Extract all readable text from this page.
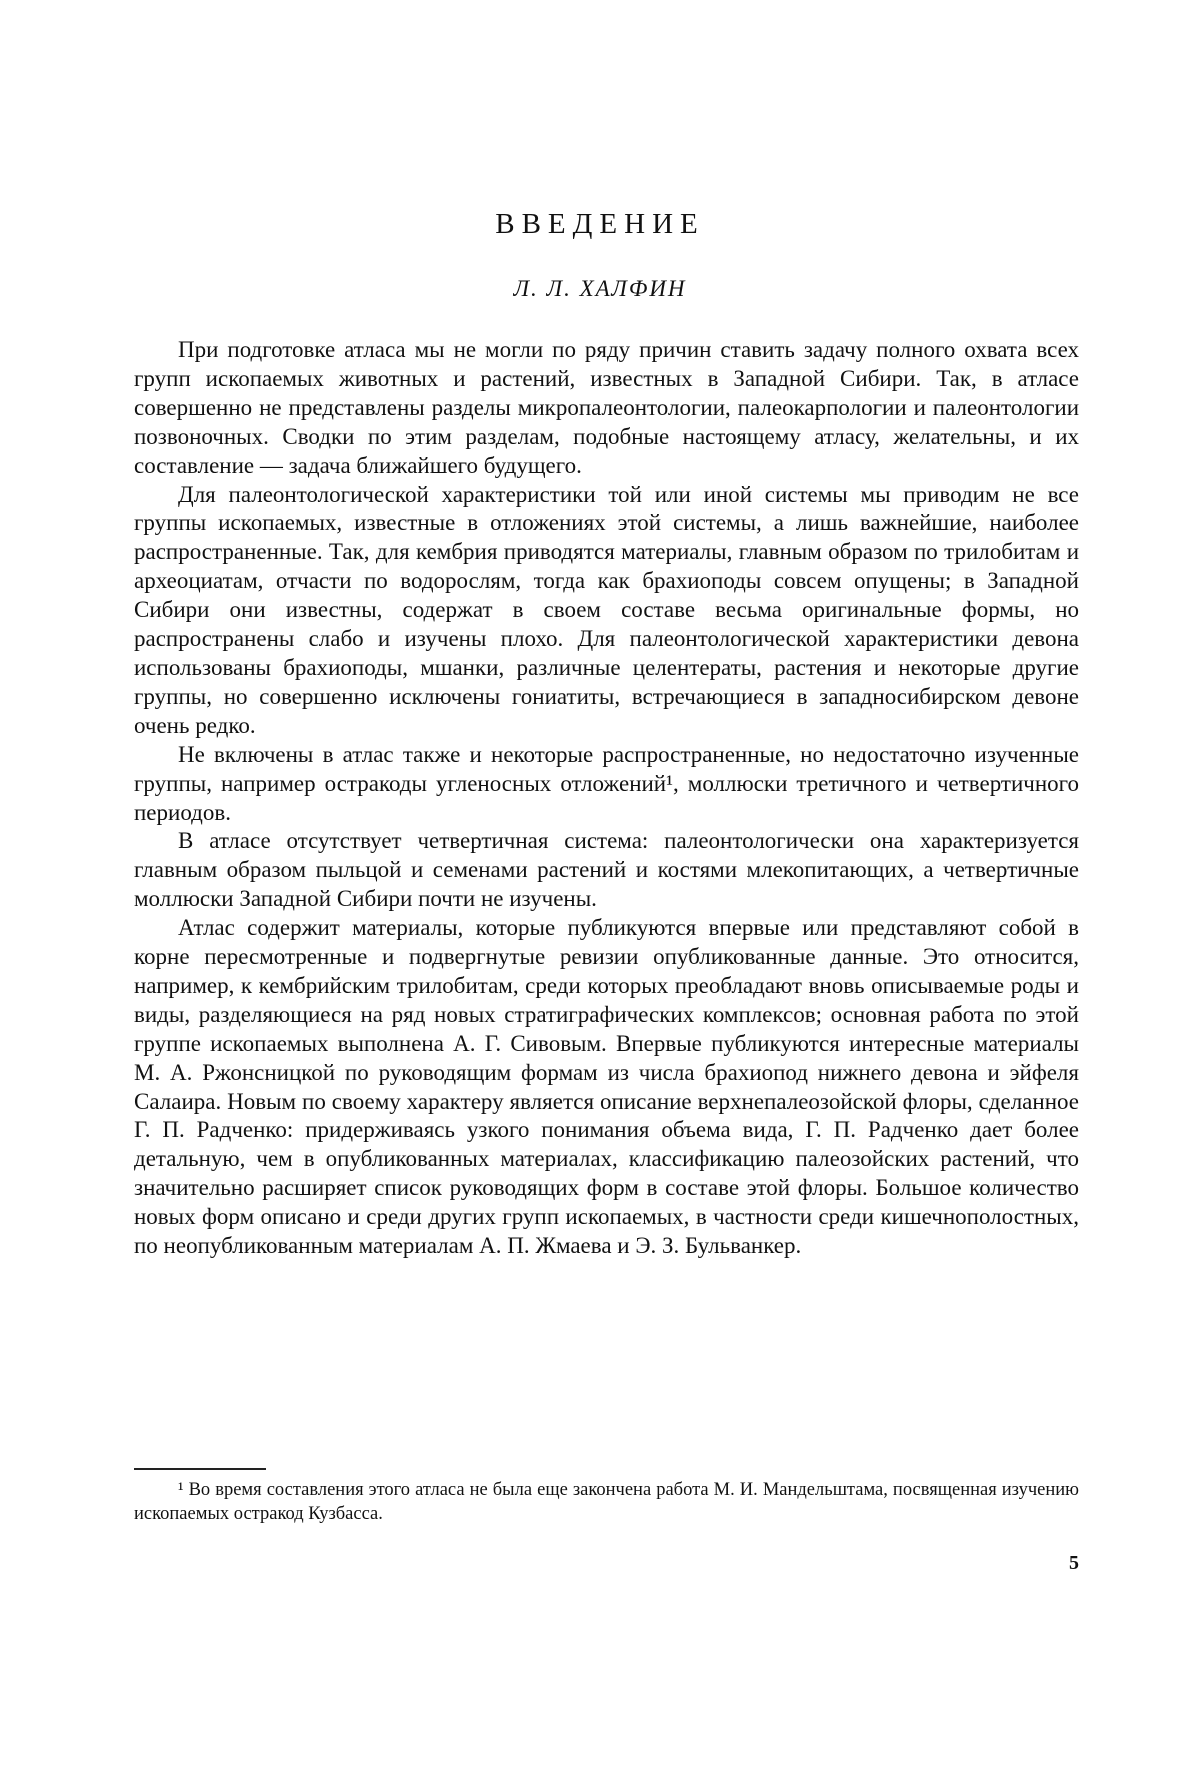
ВВЕДЕНИЕ
Л. Л. ХАЛФИН

При подготовке атласа мы не могли по ряду причин ставить задачу полного охвата всех групп ископаемых животных и растений, известных в Западной Сибири. Так, в атласе совершенно не представлены разделы микропалеонтологии, палеокарпологии и палеонтологии позвоночных. Сводки по этим разделам, подобные настоящему атласу, желательны, и их составление — задача ближайшего будущего.

Для палеонтологической характеристики той или иной системы мы приводим не все группы ископаемых, известные в отложениях этой системы, а лишь важнейшие, наиболее распространенные. Так, для кембрия приводятся материалы, главным образом по трилобитам и археоциатам, отчасти по водорослям, тогда как брахиоподы совсем опущены; в Западной Сибири они известны, содержат в своем составе весьма оригинальные формы, но распространены слабо и изучены плохо. Для палеонтологической характеристики девона использованы брахиоподы, мшанки, различные целентераты, растения и некоторые другие группы, но совершенно исключены гониатиты, встречающиеся в западносибирском девоне очень редко.

Не включены в атлас также и некоторые распространенные, но недостаточно изученные группы, например остракоды угленосных отложений¹, моллюски третичного и четвертичного периодов.

В атласе отсутствует четвертичная система: палеонтологически она характеризуется главным образом пыльцой и семенами растений и костями млекопитающих, а четвертичные моллюски Западной Сибири почти не изучены.

Атлас содержит материалы, которые публикуются впервые или представляют собой в корне пересмотренные и подвергнутые ревизии опубликованные данные. Это относится, например, к кембрийским трилобитам, среди которых преобладают вновь описываемые роды и виды, разделяющиеся на ряд новых стратиграфических комплексов; основная работа по этой группе ископаемых выполнена А. Г. Сивовым. Впервые публикуются интересные материалы М. А. Ржонсницкой по руководящим формам из числа брахиопод нижнего девона и эйфеля Салаира. Новым по своему характеру является описание верхнепалеозойской флоры, сделанное Г. П. Радченко: придерживаясь узкого понимания объема вида, Г. П. Радченко дает более детальную, чем в опубликованных материалах, классификацию палеозойских растений, что значительно расширяет список руководящих форм в составе этой флоры. Большое количество новых форм описано и среди других групп ископаемых, в частности среди кишечнополостных, по неопубликованным материалам А. П. Жмаева и Э. З. Бульванкер.

¹ Во время составления этого атласа не была еще закончена работа М. И. Мандельштама, посвященная изучению ископаемых остракод Кузбасса.

5
